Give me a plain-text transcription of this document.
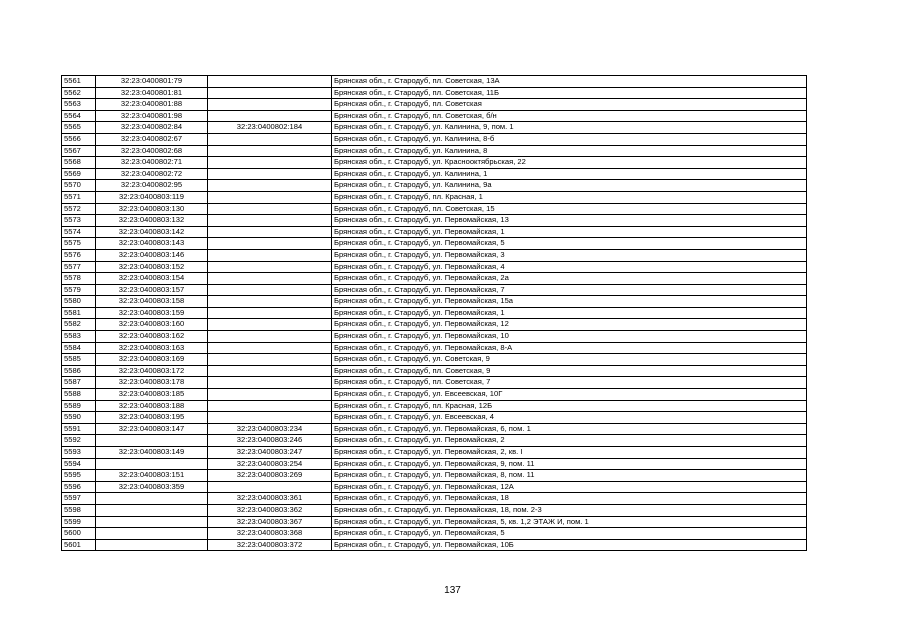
5561	32:23:0400801:79		Брянская обл., г. Стародуб, пл. Советская, 13А
5562	32:23:0400801:81		Брянская обл., г. Стародуб, пл. Советская, 11Б
5563	32:23:0400801:88		Брянская обл., г. Стародуб, пл. Советская
5564	32:23:0400801:98		Брянская обл., г. Стародуб, пл. Советская, б/н
5565	32:23:0400802:84	32:23:0400802:184	Брянская обл., г. Стародуб, ул. Калинина, 9, пом. 1
5566	32:23:0400802:67		Брянская обл., г. Стародуб, ул. Калинина, 8-б
5567	32:23:0400802:68		Брянская обл., г. Стародуб, ул. Калинина, 8
5568	32:23:0400802:71		Брянская обл., г. Стародуб, ул. Краснооктябрьская, 22
5569	32:23:0400802:72		Брянская обл., г. Стародуб, ул. Калинина, 1
5570	32:23:0400802:95		Брянская обл., г. Стародуб, ул. Калинина, 9а
5571	32:23:0400803:119		Брянская обл., г. Стародуб, пл. Красная, 1
5572	32:23:0400803:130		Брянская обл., г. Стародуб, пл. Советская, 15
5573	32:23:0400803:132		Брянская обл., г. Стародуб, ул. Первомайская, 13
5574	32:23:0400803:142		Брянская обл., г. Стародуб, ул. Первомайская, 1
5575	32:23:0400803:143		Брянская обл., г. Стародуб, ул. Первомайская, 5
5576	32:23:0400803:146		Брянская обл., г. Стародуб, ул. Первомайская, 3
5577	32:23:0400803:152		Брянская обл., г. Стародуб, ул. Первомайская, 4
5578	32:23:0400803:154		Брянская обл., г. Стародуб, ул. Первомайская, 2а
5579	32:23:0400803:157		Брянская обл., г. Стародуб, ул. Первомайская, 7
5580	32:23:0400803:158		Брянская обл., г. Стародуб, ул. Первомайская, 15а
5581	32:23:0400803:159		Брянская обл., г. Стародуб, ул. Первомайская, 1
5582	32:23:0400803:160		Брянская обл., г. Стародуб, ул. Первомайская, 12
5583	32:23:0400803:162		Брянская обл., г. Стародуб, ул. Первомайская, 10
5584	32:23:0400803:163		Брянская обл., г. Стародуб, ул. Первомайская, 8-А
5585	32:23:0400803:169		Брянская обл., г. Стародуб, ул. Советская, 9
5586	32:23:0400803:172		Брянская обл., г. Стародуб, пл. Советская, 9
5587	32:23:0400803:178		Брянская обл., г. Стародуб, пл. Советская, 7
5588	32:23:0400803:185		Брянская обл., г. Стародуб, ул. Евсеевская, 10Г
5589	32:23:0400803:188		Брянская обл., г. Стародуб, пл. Красная, 12Б
5590	32:23:0400803:195		Брянская обл., г. Стародуб, ул. Евсеевская, 4
5591	32:23:0400803:147	32:23:0400803:234	Брянская обл., г. Стародуб, ул. Первомайская, 6, пом. 1
5592		32:23:0400803:246	Брянская обл., г. Стародуб, ул. Первомайская, 2
5593	32:23:0400803:149	32:23:0400803:247	Брянская обл., г. Стародуб, ул. Первомайская, 2, кв. I
5594		32:23:0400803:254	Брянская обл., г. Стародуб, ул. Первомайская, 9, пом. 11
5595	32:23:0400803:151	32:23:0400803:269	Брянская обл., г. Стародуб, ул. Первомайская, 8, пом. 11
5596	32:23:0400803:359		Брянская обл., г. Стародуб, ул. Первомайская, 12А
5597		32:23:0400803:361	Брянская обл., г. Стародуб, ул. Первомайская, 18
5598		32:23:0400803:362	Брянская обл., г. Стародуб, ул. Первомайская, 18, пом. 2-3
5599		32:23:0400803:367	Брянская обл., г. Стародуб, ул. Первомайская, 5, кв. 1,2 ЭТАЖ И, пом. 1
5600		32:23:0400803:368	Брянская обл., г. Стародуб, ул. Первомайская, 5
5601		32:23:0400803:372	Брянская обл., г. Стародуб, ул. Первомайская, 10Б
137
